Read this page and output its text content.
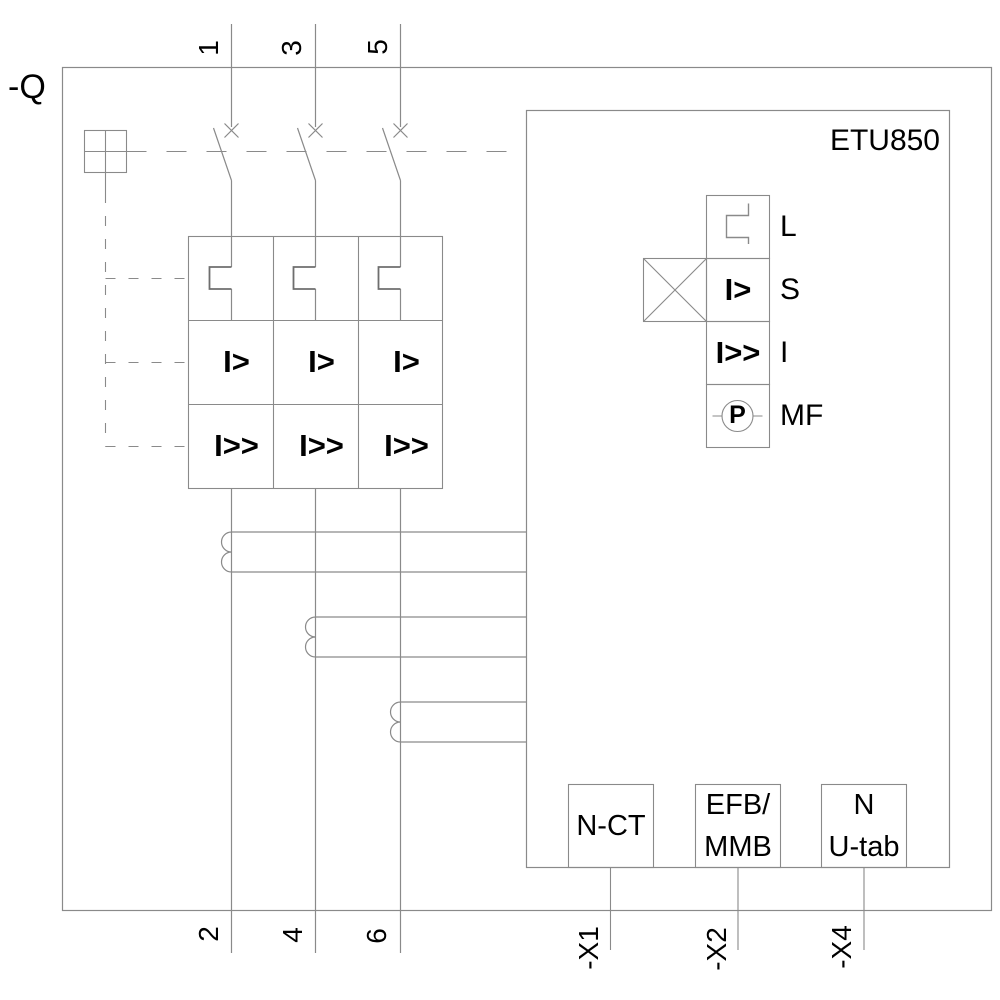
-Q
ETU850
1 3 5
2 4 6	-X1	-X2	-X4
I>	I>	I>
I>>	I>>	I>>
I>
I>>
P
L
S
I
MF
N-CT
EFB/
MMB
N
U-tab
